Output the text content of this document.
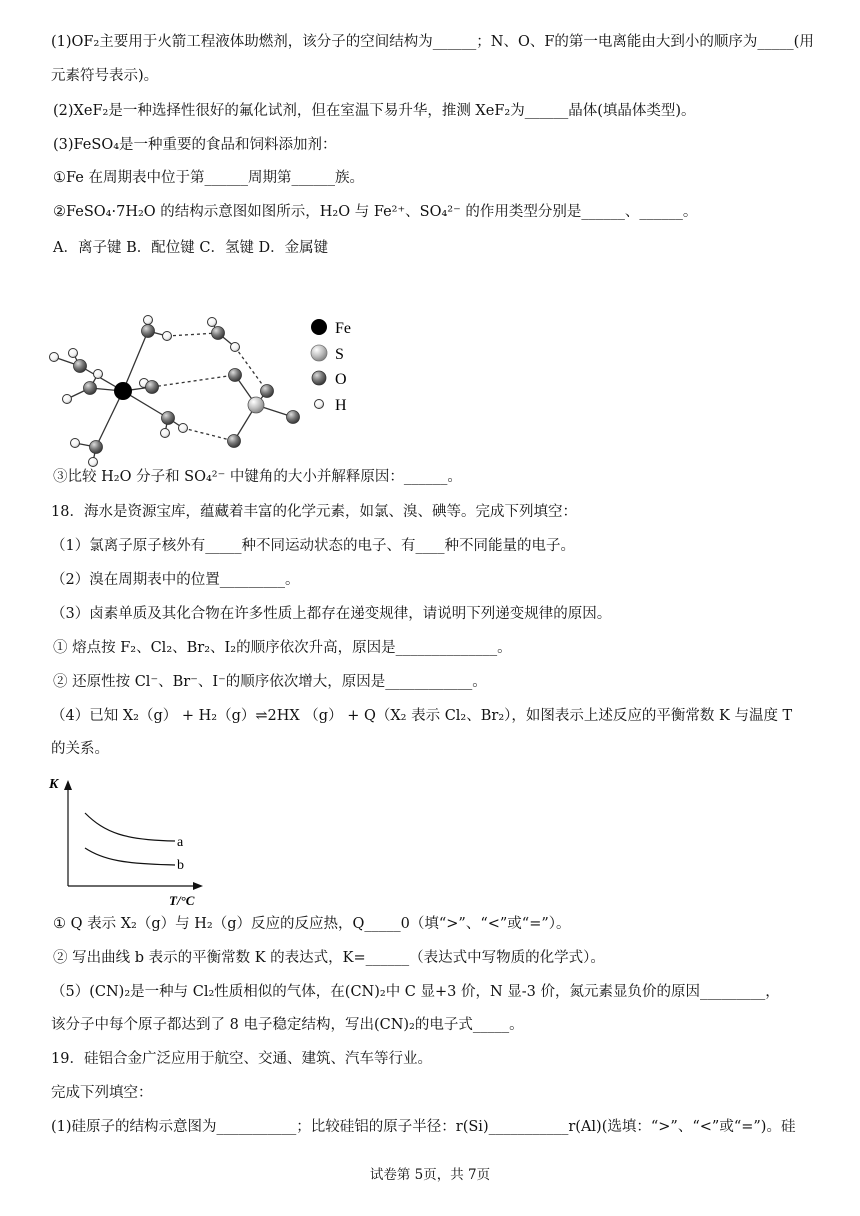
(1)OF₂主要用于火箭工程液体助燃剂，该分子的空间结构为______；N、O、F的第一电离能由大到小的顺序为_____(用
元素符号表示)。
(2)XeF₂是一种选择性很好的氟化试剂，但在室温下易升华，推测 XeF₂为______晶体(填晶体类型)。
(3)FeSO₄是一种重要的食品和饲料添加剂：
①Fe 在周期表中位于第______周期第______族。
②FeSO₄·7H₂O 的结构示意图如图所示，H₂O 与 Fe²⁺、SO₄²⁻ 的作用类型分别是______、______。
A．离子键 B．配位键 C．氢键 D．金属键
Fe
S
O
H
③比较 H₂O 分子和 SO₄²⁻ 中键角的大小并解释原因：______。
18．海水是资源宝库，蕴藏着丰富的化学元素，如氯、溴、碘等。完成下列填空：
（1）氯离子原子核外有_____种不同运动状态的电子、有____种不同能量的电子。
（2）溴在周期表中的位置_________。
（3）卤素单质及其化合物在许多性质上都存在递变规律，请说明下列递变规律的原因。
① 熔点按 F₂、Cl₂、Br₂、I₂的顺序依次升高，原因是______________。
② 还原性按 Cl⁻、Br⁻、I⁻的顺序依次增大，原因是____________。
（4）已知 X₂（g） + H₂（g）⇌2HX （g） + Q（X₂ 表示 Cl₂、Br₂），如图表示上述反应的平衡常数 K 与温度 T
的关系。
K
a
b
T/°C
① Q 表示 X₂（g）与 H₂（g）反应的反应热，Q_____0（填“>”、“<”或“=”）。
② 写出曲线 b 表示的平衡常数 K 的表达式，K=______（表达式中写物质的化学式）。
（5）(CN)₂是一种与 Cl₂性质相似的气体，在(CN)₂中 C 显+3 价，N 显-3 价，氮元素显负价的原因_________，
该分子中每个原子都达到了 8 电子稳定结构，写出(CN)₂的电子式_____。
19．硅铝合金广泛应用于航空、交通、建筑、汽车等行业。
完成下列填空：
(1)硅原子的结构示意图为___________；比较硅铝的原子半径：r(Si)___________r(Al)(选填：“>”、“<”或“=”)。硅
试卷第 5页，共 7页
